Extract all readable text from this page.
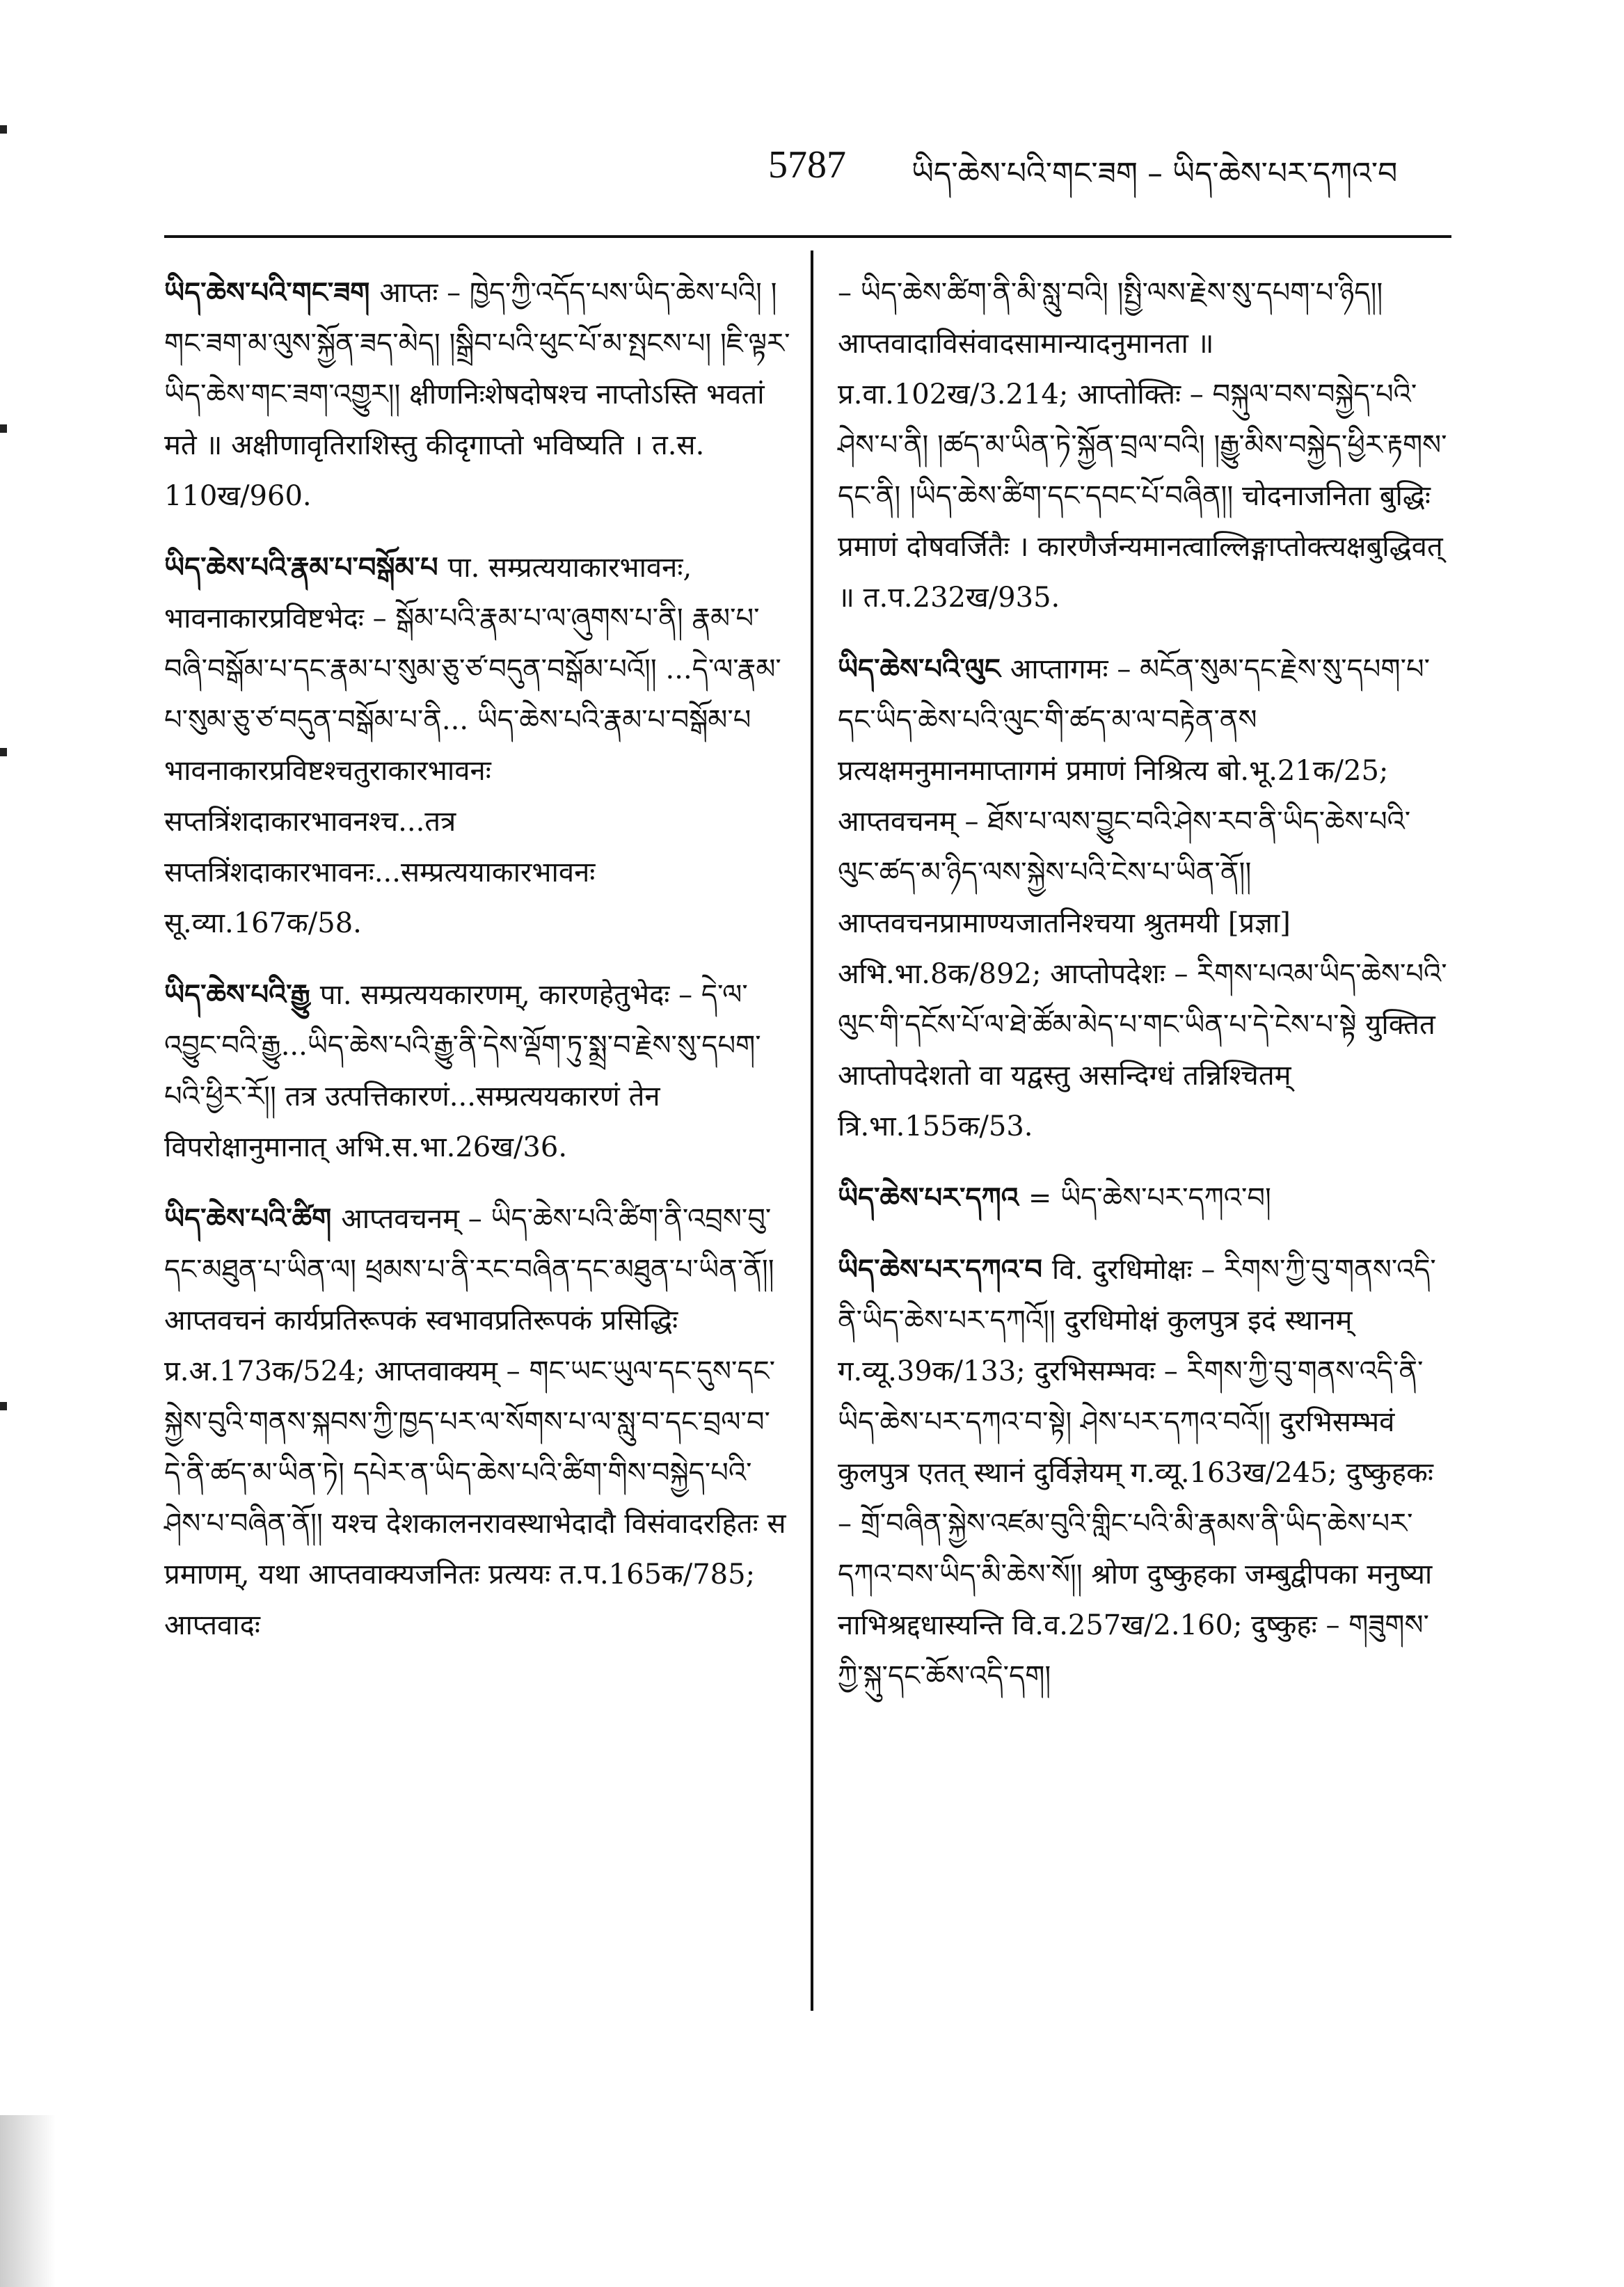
5787 ཡིད་ཆེས་པའི་གང་ཟག – ཡིད་ཆེས་པར་དཀའ་བ
ཡིད་ཆེས་པའི་གང་ཟག आप्तः – ཁྱེད་ཀྱི་འདོད་པས་ཡིད་ཆེས་པའི། །གང་ཟག་མ་ལུས་སྐྱོན་ཟད་མེད། །སྒྲིབ་པའི་ཕུང་པོ་མ་སྤངས་པ། །ཇི་ལྟར་ཡིད་ཆེས་གང་ཟག་འགྱུར།། क्षीणनिःशेषदोषश्च नाप्तोऽस्ति भवतां मते ॥ अक्षीणावृतिराशिस्तु कीदृगाप्तो भविष्यति । त.स. 110ख/960.
ཡིད་ཆེས་པའི་རྣམ་པ་བསྒོམ་པ पा. सम्प्रत्ययाकारभावनः, भावनाकारप्रविष्टभेदः – སྒོམ་པའི་རྣམ་པ་ལ་ཞུགས་པ་ནི། རྣམ་པ་བཞི་བསྒོམ་པ་དང་རྣམ་པ་སུམ་ཅུ་ཙ་བདུན་བསྒོམ་པའོ།། ...དེ་ལ་རྣམ་པ་སུམ་ཅུ་ཙ་བདུན་བསྒོམ་པ་ནི... ཡིད་ཆེས་པའི་རྣམ་པ་བསྒོམ་པ भावनाकारप्रविष्टश्चतुराकारभावनः सप्तत्रिंशदाकारभावनश्च...तत्र सप्तत्रिंशदाकारभावनः...सम्प्रत्ययाकारभावनः सू.व्या.167क/58.
ཡིད་ཆེས་པའི་རྒྱུ पा. सम्प्रत्ययकारणम्, कारणहेतुभेदः – དེ་ལ་འབྱུང་བའི་རྒྱུ...ཡིད་ཆེས་པའི་རྒྱུ་ནི་དེས་ལྡོག་ཏུ་སྨྲ་བ་རྗེས་སུ་དཔག་པའི་ཕྱིར་རོ།། तत्र उत्पत्तिकारणं...सम्प्रत्ययकारणं तेन विपरोक्षानुमानात् अभि.स.भा.26ख/36.
ཡིད་ཆེས་པའི་ཚིག आप्तवचनम् – ཡིད་ཆེས་པའི་ཚིག་ནི་འབྲས་བུ་དང་མཐུན་པ་ཡིན་ལ། ཕྲམས་པ་ནི་རང་བཞིན་དང་མཐུན་པ་ཡིན་ནོ།། आप्तवचनं कार्यप्रतिरूपकं स्वभावप्रतिरूपकं प्रसिद्धिः प्र.अ.173क/524; आप्तवाक्यम् – གང་ཡང་ཡུལ་དང་དུས་དང་སྐྱེས་བུའི་གནས་སྐབས་ཀྱི་ཁྱད་པར་ལ་སོགས་པ་ལ་སླུ་བ་དང་བྲལ་བ་དེ་ནི་ཚད་མ་ཡིན་ཏེ། དཔེར་ན་ཡིད་ཆེས་པའི་ཚིག་གིས་བསྐྱེད་པའི་ཤེས་པ་བཞིན་ནོ།། यश्च देशकालनरावस्थाभेदादौ विसंवादरहितः स प्रमाणम्, यथा आप्तवाक्यजनितः प्रत्ययः त.प.165क/785; आप्तवादः
– ཡིད་ཆེས་ཚིག་ནི་མི་སླུ་བའི། །སྤྱི་ལས་རྗེས་སུ་དཔག་པ་ཉིད།། आप्तवादाविसंवादसामान्यादनुमानता ॥ प्र.वा.102ख/3.214; आप्तोक्तिः – བསྐུལ་བས་བསྐྱེད་པའི་ཤེས་པ་ནི། །ཚད་མ་ཡིན་ཏེ་སྐྱོན་བྲལ་བའི། །རྒྱུ་མིས་བསྐྱེད་ཕྱིར་རྟགས་དང་ནི། །ཡིད་ཆེས་ཚིག་དང་དབང་པོ་བཞིན།། चोदनाजनिता बुद्धिः प्रमाणं दोषवर्जितैः । कारणैर्जन्यमानत्वाल्लिङ्गाप्तोक्त्यक्षबुद्धिवत् ॥ त.प.232ख/935.
ཡིད་ཆེས་པའི་ལུང आप्तागमः – མངོན་སུམ་དང་རྗེས་སུ་དཔག་པ་དང་ཡིད་ཆེས་པའི་ལུང་གི་ཚད་མ་ལ་བརྟེན་ནས प्रत्यक्षमनुमानमाप्तागमं प्रमाणं निश्रित्य बो.भू.21क/25; आप्तवचनम् – ཐོས་པ་ལས་བྱུང་བའི་ཤེས་རབ་ནི་ཡིད་ཆེས་པའི་ལུང་ཚད་མ་ཉིད་ལས་སྐྱེས་པའི་ངེས་པ་ཡིན་ནོ།། आप्तवचनप्रामाण्यजातनिश्चया श्रुतमयी [प्रज्ञा] अभि.भा.8क/892; आप्तोपदेशः – རིགས་པའམ་ཡིད་ཆེས་པའི་ལུང་གི་དངོས་པོ་ལ་ཐེ་ཚོམ་མེད་པ་གང་ཡིན་པ་དེ་ངེས་པ་སྟེ युक्तित आप्तोपदेशतो वा यद्वस्तु असन्दिग्धं तन्निश्चितम् त्रि.भा.155क/53.
ཡིད་ཆེས་པར་དཀའ = ཡིད་ཆེས་པར་དཀའ་བ།
ཡིད་ཆེས་པར་དཀའ་བ वि. दुरधिमोक्षः – རིགས་ཀྱི་བུ་གནས་འདི་ནི་ཡིད་ཆེས་པར་དཀའོ།། दुरधिमोक्षं कुलपुत्र इदं स्थानम् ग.व्यू.39क/133; दुरभिसम्भवः – རིགས་ཀྱི་བུ་གནས་འདི་ནི་ཡིད་ཆེས་པར་དཀའ་བ་སྟེ། ཤེས་པར་དཀའ་བའོ།། दुरभिसम्भवं कुलपुत्र एतत् स्थानं दुर्विज्ञेयम् ग.व्यू.163ख/245; दुष्कुहकः – གྲོ་བཞིན་སྐྱེས་འཛམ་བུའི་གླིང་པའི་མི་རྣམས་ནི་ཡིད་ཆེས་པར་དཀའ་བས་ཡིད་མི་ཆེས་སོ།། श्रोण दुष्कुहका जम्बुद्वीपका मनुष्या नाभिश्रद्दधास्यन्ति वि.व.257ख/2.160; दुष्कुहः – གཟུགས་ཀྱི་སྐུ་དང་ཆོས་འདི་དག།
